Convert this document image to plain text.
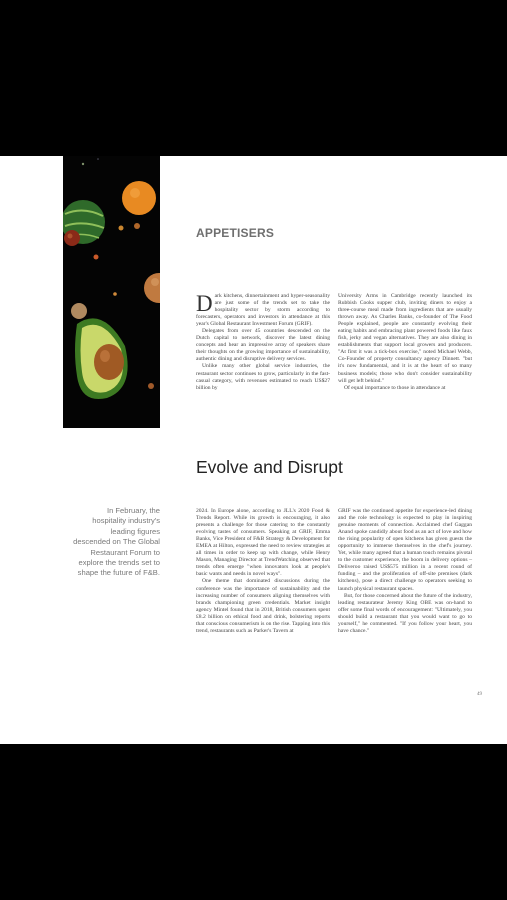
APPETISERS

Dark kitchens, dinnertainment and hyper-seasonality are just some of the trends set to take the hospitality sector by storm according to forecasters, operators and investors in attendance at this year's Global Restaurant Investment Forum (GRIF).

Delegates from over 45 countries descended on the Dutch capital to network, discover the latest dining concepts and hear an impressive array of speakers share their thoughts on the growing importance of sustainability, authentic dining and disruptive delivery services.

Unlike many other global service industries, the restaurant sector continues to grow, particularly in the fast-casual category, with revenues estimated to reach US$27 billion by

University Arms in Cambridge recently launched its Rubbish Cooks supper club, inviting diners to enjoy a three-course meal made from ingredients that are usually thrown away. As Charles Banks, co-founder of The Food People explained, people are constantly evolving their eating habits and embracing plant powered foods like faux fish, jerky and vegan alternatives. They are also dining in establishments that support local growers and producers. "At first it was a tick-box exercise," noted Michael Webb, Co-Founder of property consultancy agency Dinnett. "but it's now fundamental, and it is at the heart of so many business models; those who don't consider sustainability will get left behind."

Of equal importance to those in attendance at

Evolve and Disrupt
In February, the hospitality industry's leading figures descended on The Global Restaurant Forum to explore the trends set to shape the future of F&B.

2024. In Europe alone, according to JLL's 2020 Food & Trends Report. While its growth is encouraging, it also presents a challenge for those catering to the constantly evolving tastes of consumers. Speaking at GRIF, Emma Banks, Vice President of F&B Strategy & Development for EMEA at Hilton, expressed the need to review strategies at all times in order to keep up with change, while Henry Mason, Managing Director at TrendWatching observed that trends often emerge "when innovators look at people's basic wants and needs in novel ways".

One theme that dominated discussions during the conference was the importance of sustainability and the increasing number of consumers aligning themselves with brands championing green credentials. Market insight agency Mintel found that in 2018, British consumers spent £8.2 billion on ethical food and drink, bolstering reports that conscious consumerism is on the rise. Tapping into this trend, restaurants such as Parker's Tavern at

GRIF was the continued appetite for experience-led dining and the role technology is expected to play in inspiring genuine moments of connection. Acclaimed chef Gaggan Anand spoke candidly about food as an act of love and how the rising popularity of open kitchens has given guests the opportunity to immerse themselves in the chef's journey. Yet, while many agreed that a human touch remains pivotal to the customer experience, the boom in delivery options – Deliveroo raised US$575 million in a recent round of funding – and the proliferation of off-site premises (dark kitchens), pose a direct challenge to operators seeking to launch physical restaurant spaces.

But, for those concerned about the future of the industry, leading restaurateur Jeremy King OBE was on-hand to offer some final words of encouragement: "Ultimately, you should build a restaurant that you would want to go to yourself," he commented. "If you follow your heart, you have chance."

49
